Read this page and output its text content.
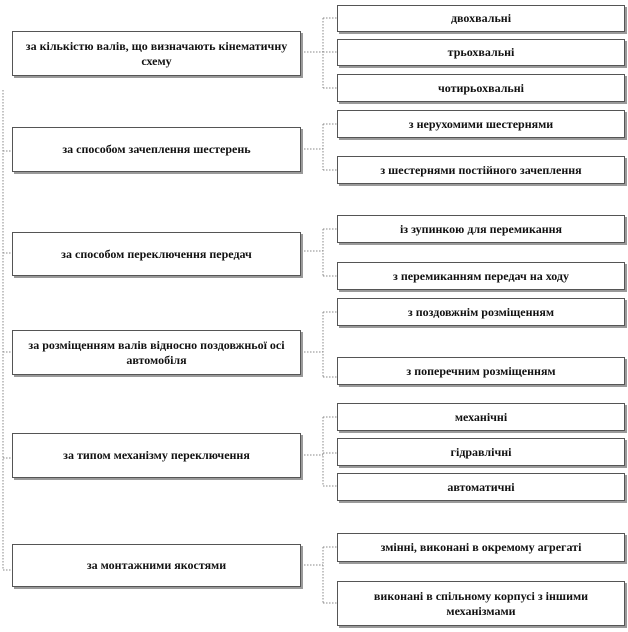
за кількістю валів, що визначають кінематичну схему
двохвальні
трьохвальні
чотирьохвальні
за способом зачеплення шестерень
з нерухомими шестернями
з шестернями постійного зачеплення
за способом переключення передач
із зупинкою для перемикання
з перемиканням передач на ходу
за розміщенням валів відносно поздовжньої осі автомобіля
з поздовжнім розміщенням
з поперечним розміщенням
за типом механізму переключення
механічні
гідравлічні
автоматичні
за монтажними якостями
змінні, виконані в окремому агрегаті
виконані в спільному корпусі з іншими механізмами
